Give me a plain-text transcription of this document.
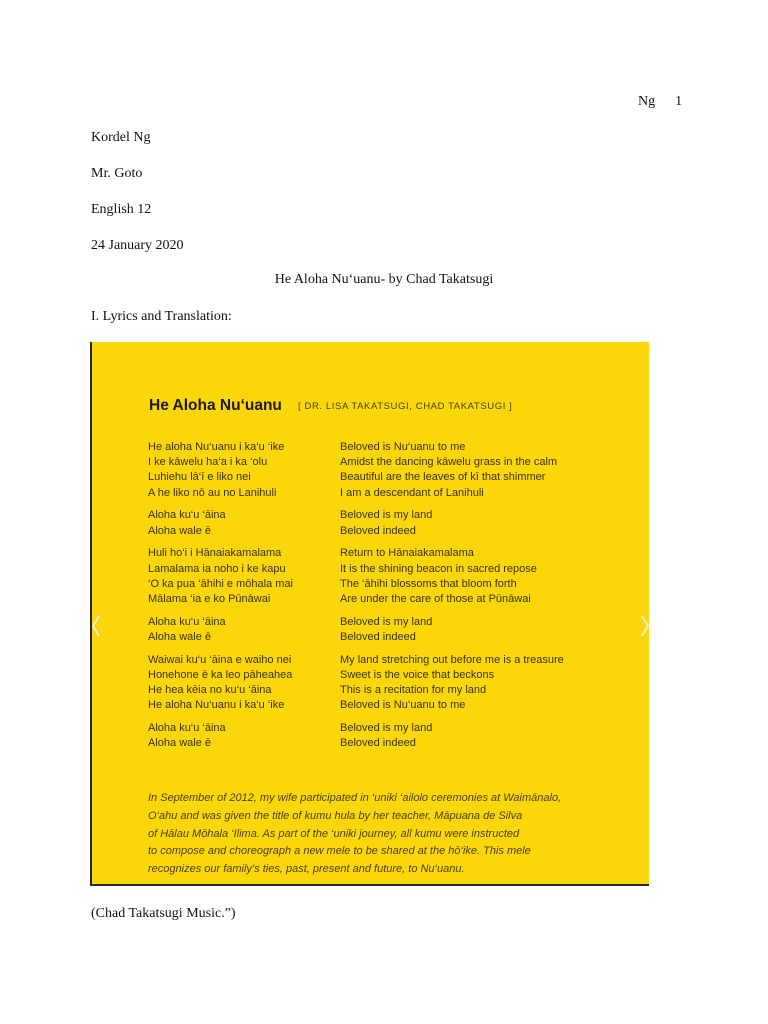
Ng 1
Kordel Ng
Mr. Goto
English 12
24 January 2020
He Aloha Nu‘uanu- by Chad Takatsugi
I. Lyrics and Translation:
He Aloha Nu‘uanu [ DR. LISA TAKATSUGI, CHAD TAKATSUGI ]
He aloha Nu‘uanu i ka‘u ‘ike
I ke kāwelu ha‘a i ka ‘olu
Luhiehu lā‘ī e liko nei
A he liko nō au no Lanihuli
Aloha ku‘u ‘āina
Aloha wale ē
Huli ho‘i i Hānaiakamalama
Lamalama ia noho i ke kapu
‘O ka pua ‘āhihi e mōhala mai
Mālama ‘ia e ko Pūnāwai
Aloha ku‘u ‘āina
Aloha wale ē
Waiwai ku‘u ‘āina e waiho nei
Honehone ē ka leo pāheahea
He hea kēia no ku‘u ‘āina
He aloha Nu‘uanu i ka‘u ‘ike
Aloha ku‘u ‘āina
Aloha wale ē
Beloved is Nu‘uanu to me
Amidst the dancing kāwelu grass in the calm
Beautiful are the leaves of kī that shimmer
I am a descendant of Lanihuli
Beloved is my land
Beloved indeed
Return to Hānaiakamalama
It is the shining beacon in sacred repose
The ‘āhihi blossoms that bloom forth
Are under the care of those at Pūnāwai
Beloved is my land
Beloved indeed
My land stretching out before me is a treasure
Sweet is the voice that beckons
This is a recitation for my land
Beloved is Nu‘uanu to me
Beloved is my land
Beloved indeed
In September of 2012, my wife participated in ‘uniki ‘ailolo ceremonies at Waimānalo,
O‘ahu and was given the title of kumu hula by her teacher, Māpuana de Silva
of Hālau Mōhala ‘Ilima. As part of the ‘uniki journey, all kumu were instructed
to compose and choreograph a new mele to be shared at the hō‘ike. This mele
recognizes our family’s ties, past, present and future, to Nu‘uanu.
(Chad Takatsugi Music.”)
